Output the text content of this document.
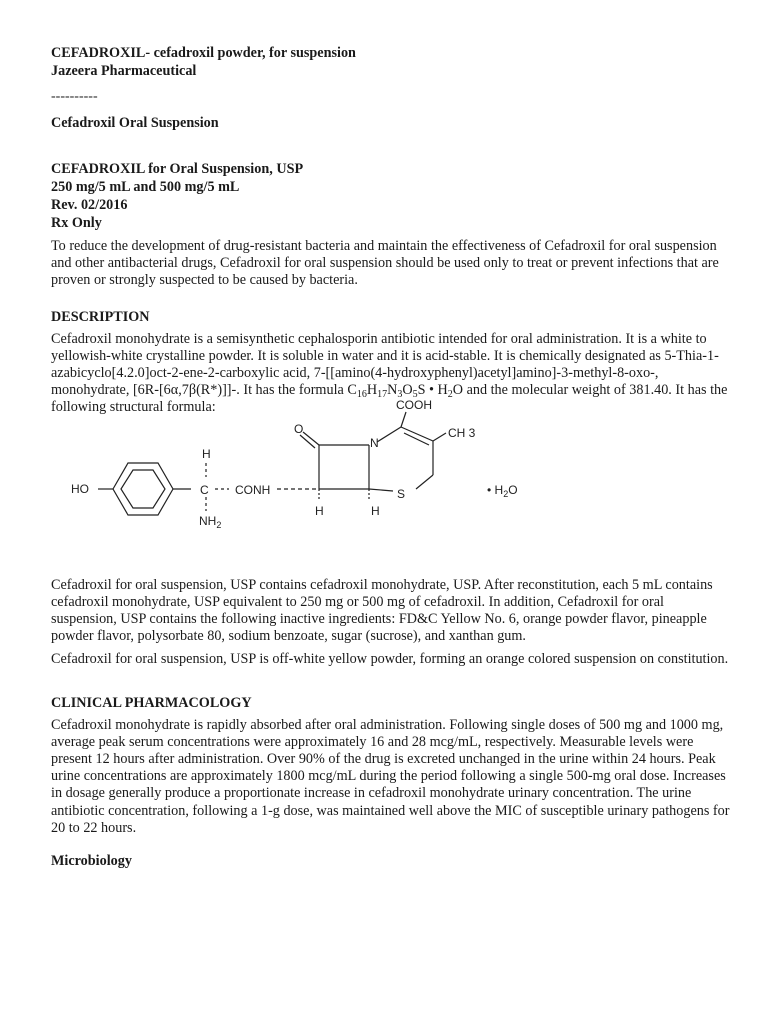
CEFADROXIL- cefadroxil powder, for suspension

Jazeera Pharmaceutical

----------

Cefadroxil Oral Suspension

CEFADROXIL for Oral Suspension, USP

250 mg/5 mL and 500 mg/5 mL

Rev. 02/2016

Rx Only

To reduce the development of drug-resistant bacteria and maintain the effectiveness of Cefadroxil for oral suspension and other antibacterial drugs, Cefadroxil for oral suspension should be used only to treat or prevent infections that are proven or strongly suspected to be caused by bacteria.

DESCRIPTION

Cefadroxil monohydrate is a semisynthetic cephalosporin antibiotic intended for oral administration. It is a white to yellowish-white crystalline powder. It is soluble in water and it is acid-stable. It is chemically designated as 5-Thia-1-azabicyclo[4.2.0]oct-2-ene-2-carboxylic acid, 7-[[amino(4-hydroxyphenyl)acetyl]amino]-3-methyl-8-oxo-, monohydrate, [6R-[6α,7β(R*)]]-. It has the formula $C_{16}H_{17}N_3O_5S$ • $H_2O$ and the molecular weight of 381.40. It has the following structural formula:

HO
H
C
$NH_2$
CONH
O
N
COOH
CH 3
H	H
S	• $H_2O$

Cefadroxil for oral suspension, USP contains cefadroxil monohydrate, USP. After reconstitution, each 5 mL contains cefadroxil monohydrate, USP equivalent to 250 mg or 500 mg of cefadroxil. In addition, Cefadroxil for oral suspension, USP contains the following inactive ingredients: FD&C Yellow No. 6, orange powder flavor, pineapple powder flavor, polysorbate 80, sodium benzoate, sugar (sucrose), and xanthan gum.

Cefadroxil for oral suspension, USP is off-white yellow powder, forming an orange colored suspension on constitution.

CLINICAL PHARMACOLOGY

Cefadroxil monohydrate is rapidly absorbed after oral administration. Following single doses of 500 mg and 1000 mg, average peak serum concentrations were approximately 16 and 28 mcg/mL, respectively. Measurable levels were present 12 hours after administration. Over 90% of the drug is excreted unchanged in the urine within 24 hours. Peak urine concentrations are approximately 1800 mcg/mL during the period following a single 500-mg oral dose. Increases in dosage generally produce a proportionate increase in cefadroxil monohydrate urinary concentration. The urine antibiotic concentration, following a 1-g dose, was maintained well above the MIC of susceptible urinary pathogens for 20 to 22 hours.

Microbiology
